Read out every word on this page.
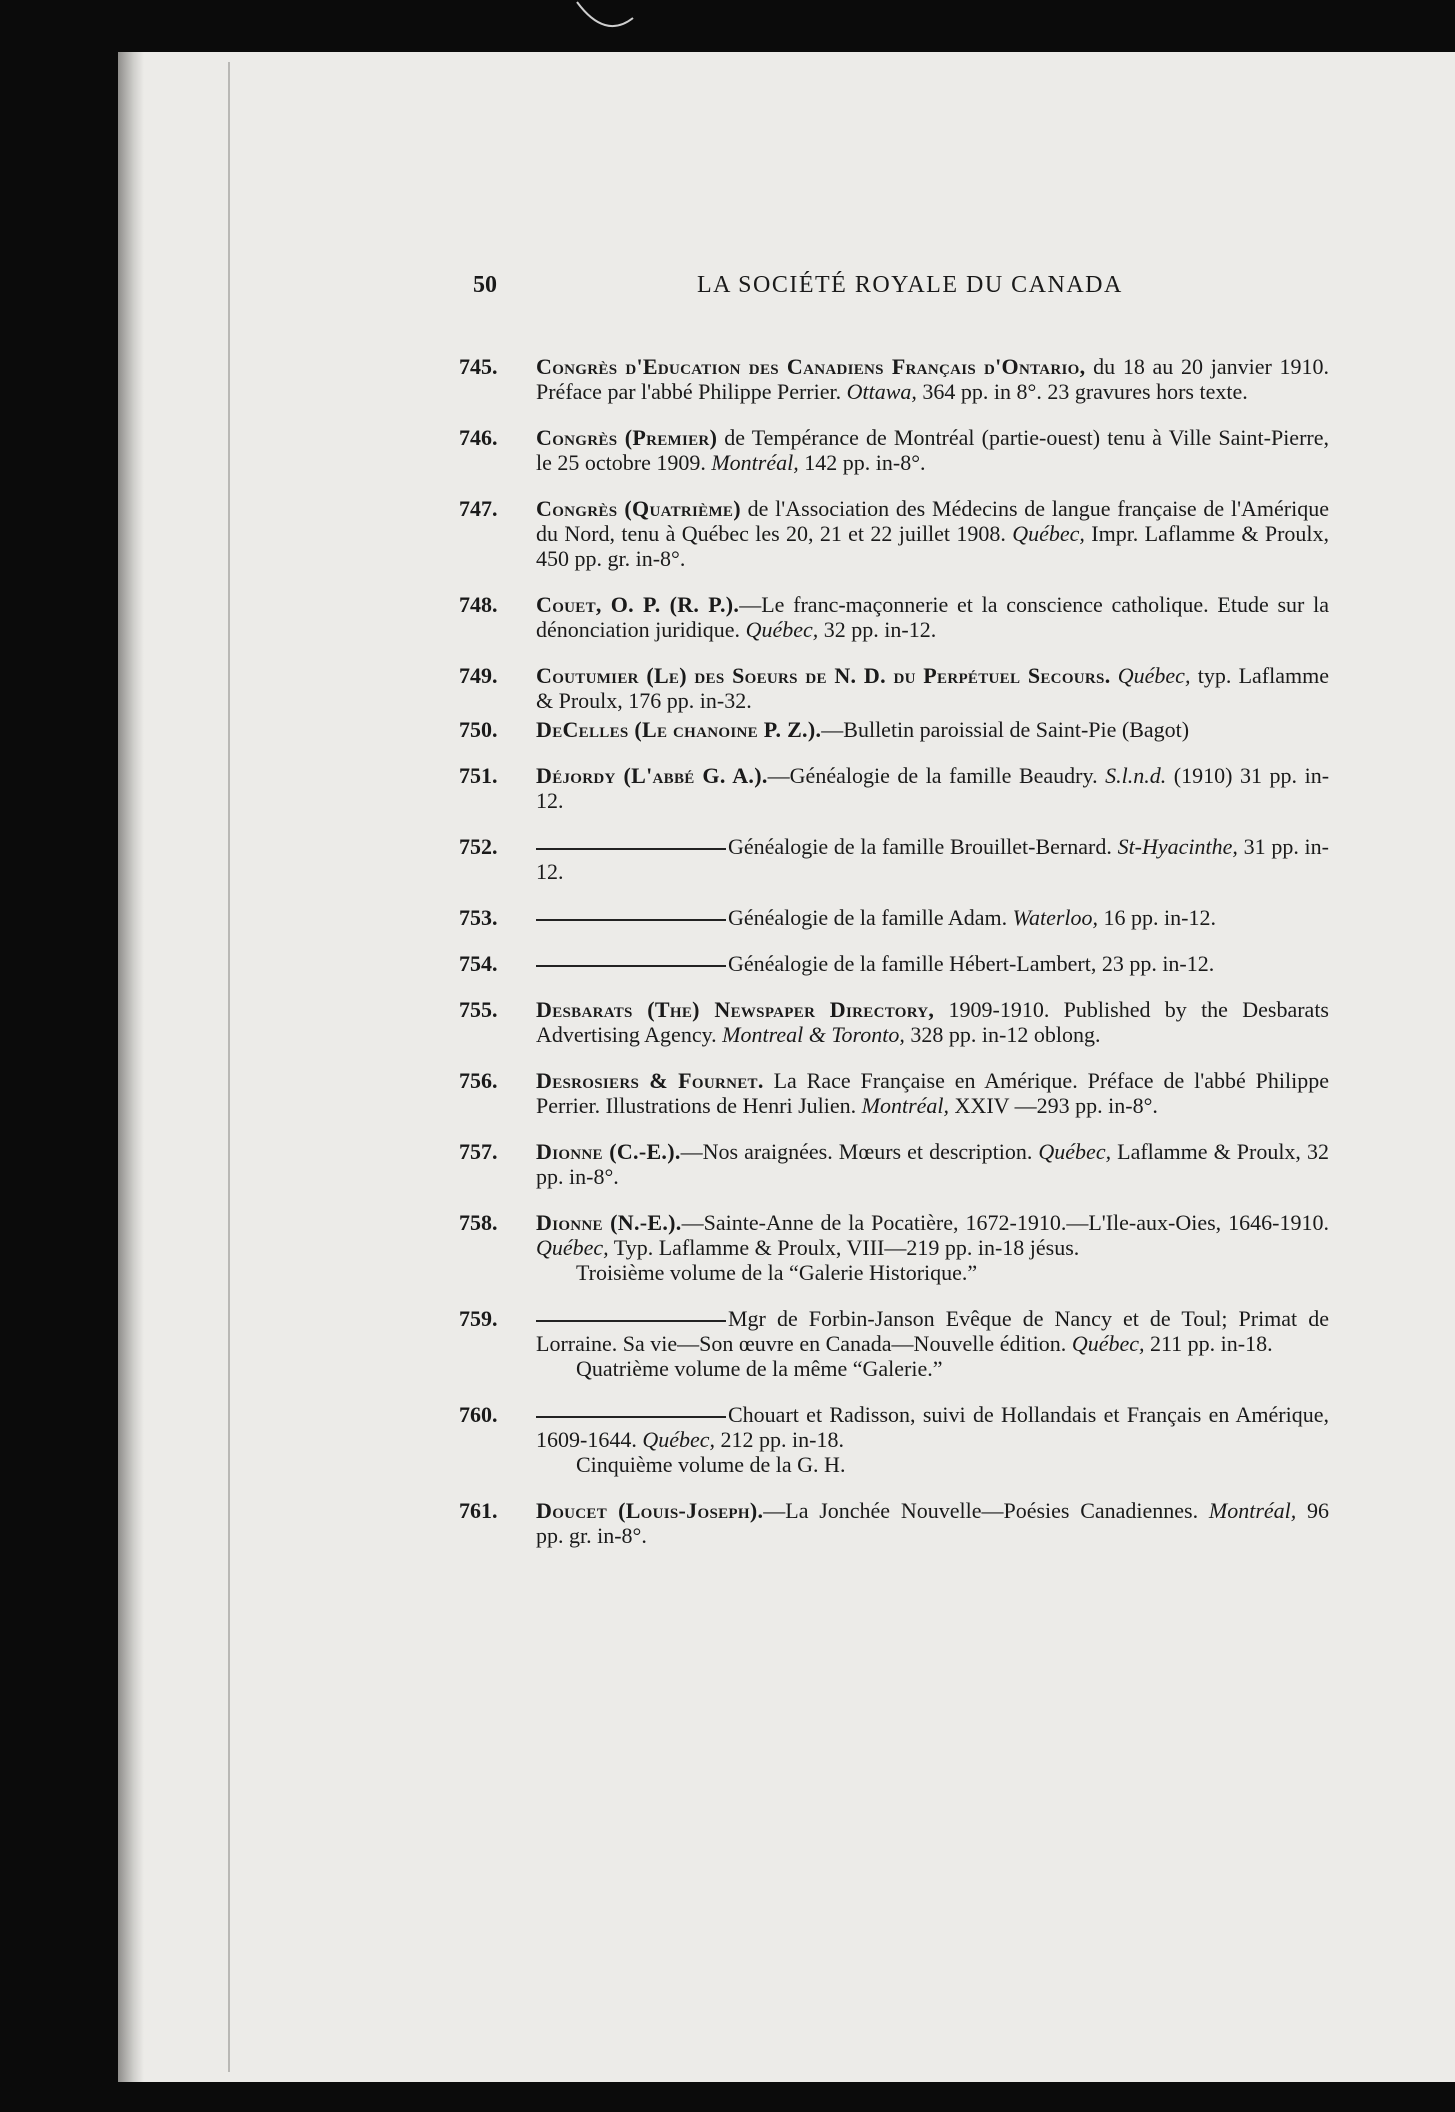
50	LA SOCIÉTÉ ROYALE DU CANADA
745. Congrès d'Education des Canadiens Français d'Ontario, du 18 au 20 janvier 1910. Préface par l'abbé Philippe Perrier. Ottawa, 364 pp. in 8°. 23 gravures hors texte.
746. Congrès (Premier) de Tempérance de Montréal (partie-ouest) tenu à Ville Saint-Pierre, le 25 octobre 1909. Montréal, 142 pp. in-8°.
747. Congrès (Quatrième) de l'Association des Médecins de langue française de l'Amérique du Nord, tenu à Québec les 20, 21 et 22 juillet 1908. Québec, Impr. Laflamme & Proulx, 450 pp. gr. in-8°.
748. Couet, O. P. (R. P.).—Le franc-maçonnerie et la conscience catholique. Etude sur la dénonciation juridique. Québec, 32 pp. in-12.
749. Coutumier (Le) des Soeurs de N. D. du Perpétuel Secours. Québec, typ. Laflamme & Proulx, 176 pp. in-32.
750. DeCelles (Le chanoine P. Z.).—Bulletin paroissial de Saint-Pie (Bagot)
751. Déjordy (L'abbé G. A.).—Généalogie de la famille Beaudry. S.l.n.d. (1910) 31 pp. in-12.
752.	Généalogie de la famille Brouillet-Bernard. St-Hyacinthe, 31 pp. in-12.
753.	Généalogie de la famille Adam. Waterloo, 16 pp. in-12.
754.	Généalogie de la famille Hébert-Lambert, 23 pp. in-12.
755. Desbarats (The) Newspaper Directory, 1909-1910. Published by the Desbarats Advertising Agency. Montreal & Toronto, 328 pp. in-12 oblong.
756. Desrosiers & Fournet. La Race Française en Amérique. Préface de l'abbé Philippe Perrier. Illustrations de Henri Julien. Montréal, XXIV —293 pp. in-8°.
757. Dionne (C.-E.).—Nos araignées. Mœurs et description. Québec, Laflamme & Proulx, 32 pp. in-8°.
758. Dionne (N.-E.).—Sainte-Anne de la Pocatière, 1672-1910.—L'Ile-aux-Oies, 1646-1910. Québec, Typ. Laflamme & Proulx, VIII—219 pp. in-18 jésus.
Troisième volume de la “Galerie Historique.”
759.	Mgr de Forbin-Janson Evêque de Nancy et de Toul; Primat de Lorraine. Sa vie—Son œuvre en Canada—Nouvelle édition. Québec, 211 pp. in-18.
Quatrième volume de la même “Galerie.”
760.	Chouart et Radisson, suivi de Hollandais et Français en Amérique, 1609-1644. Québec, 212 pp. in-18.
Cinquième volume de la G. H.
761. Doucet (Louis-Joseph).—La Jonchée Nouvelle—Poésies Canadiennes. Montréal, 96 pp. gr. in-8°.
